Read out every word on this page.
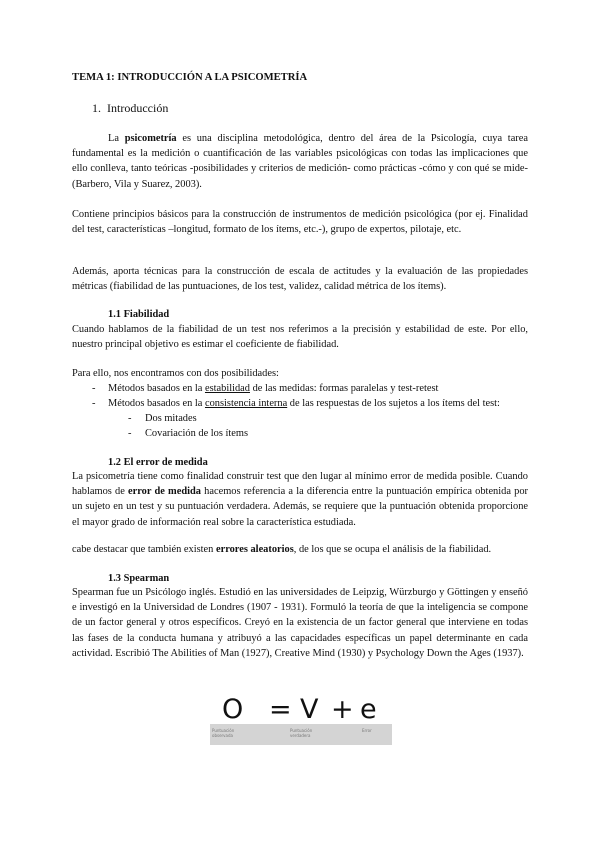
TEMA 1: INTRODUCCIÓN A LA PSICOMETRÍA

1. Introducción

La psicometría es una disciplina metodológica, dentro del área de la Psicología, cuya tarea fundamental es la medición o cuantificación de las variables psicológicas con todas las implicaciones que ello conlleva, tanto teóricas -posibilidades y criterios de medición- como prácticas -cómo y con qué se mide- (Barbero, Vila y Suarez, 2003).

Contiene principios básicos para la construcción de instrumentos de medición psicológica (por ej. Finalidad del test, características –longitud, formato de los ítems, etc.-), grupo de expertos, pilotaje, etc.

Además, aporta técnicas para la construcción de escala de actitudes y la evaluación de las propiedades métricas (fiabilidad de las puntuaciones, de los test, validez, calidad métrica de los ítems).

1.1 Fiabilidad

Cuando hablamos de la fiabilidad de un test nos referimos a la precisión y estabilidad de este. Por ello, nuestro principal objetivo es estimar el coeficiente de fiabilidad.

Para ello, nos encontramos con dos posibilidades:

- Métodos basados en la estabilidad de las medidas: formas paralelas y test-retest
- Métodos basados en la consistencia interna de las respuestas de los sujetos a los ítems del test:
- Dos mitades
- Covariación de los ítems
1.2 El error de medida

La psicometría tiene como finalidad construir test que den lugar al mínimo error de medida posible. Cuando hablamos de error de medida hacemos referencia a la diferencia entre la puntuación empírica obtenida por un sujeto en un test y su puntuación verdadera. Además, se requiere que la puntuación obtenida proporcione el mayor grado de información real sobre la característica estudiada.

cabe destacar que también existen errores aleatorios, de los que se ocupa el análisis de la fiabilidad.

1.3 Spearman

Spearman fue un Psicólogo inglés. Estudió en las universidades de Leipzig, Würzburgo y Göttingen y enseñó e investigó en la Universidad de Londres (1907 - 1931). Formuló la teoría de que la inteligencia se compone de un factor general y otros específicos. Creyó en la existencia de un factor general que interviene en todas las fases de la conducta humana y atribuyó a las capacidades específicas un papel determinante en cada actividad. Escribió The Abilities of Man (1927), Creative Mind (1930) y Psychology Down the Ages (1937).

O = V + e
Puntuación observada
Puntuación verdadera
Error
